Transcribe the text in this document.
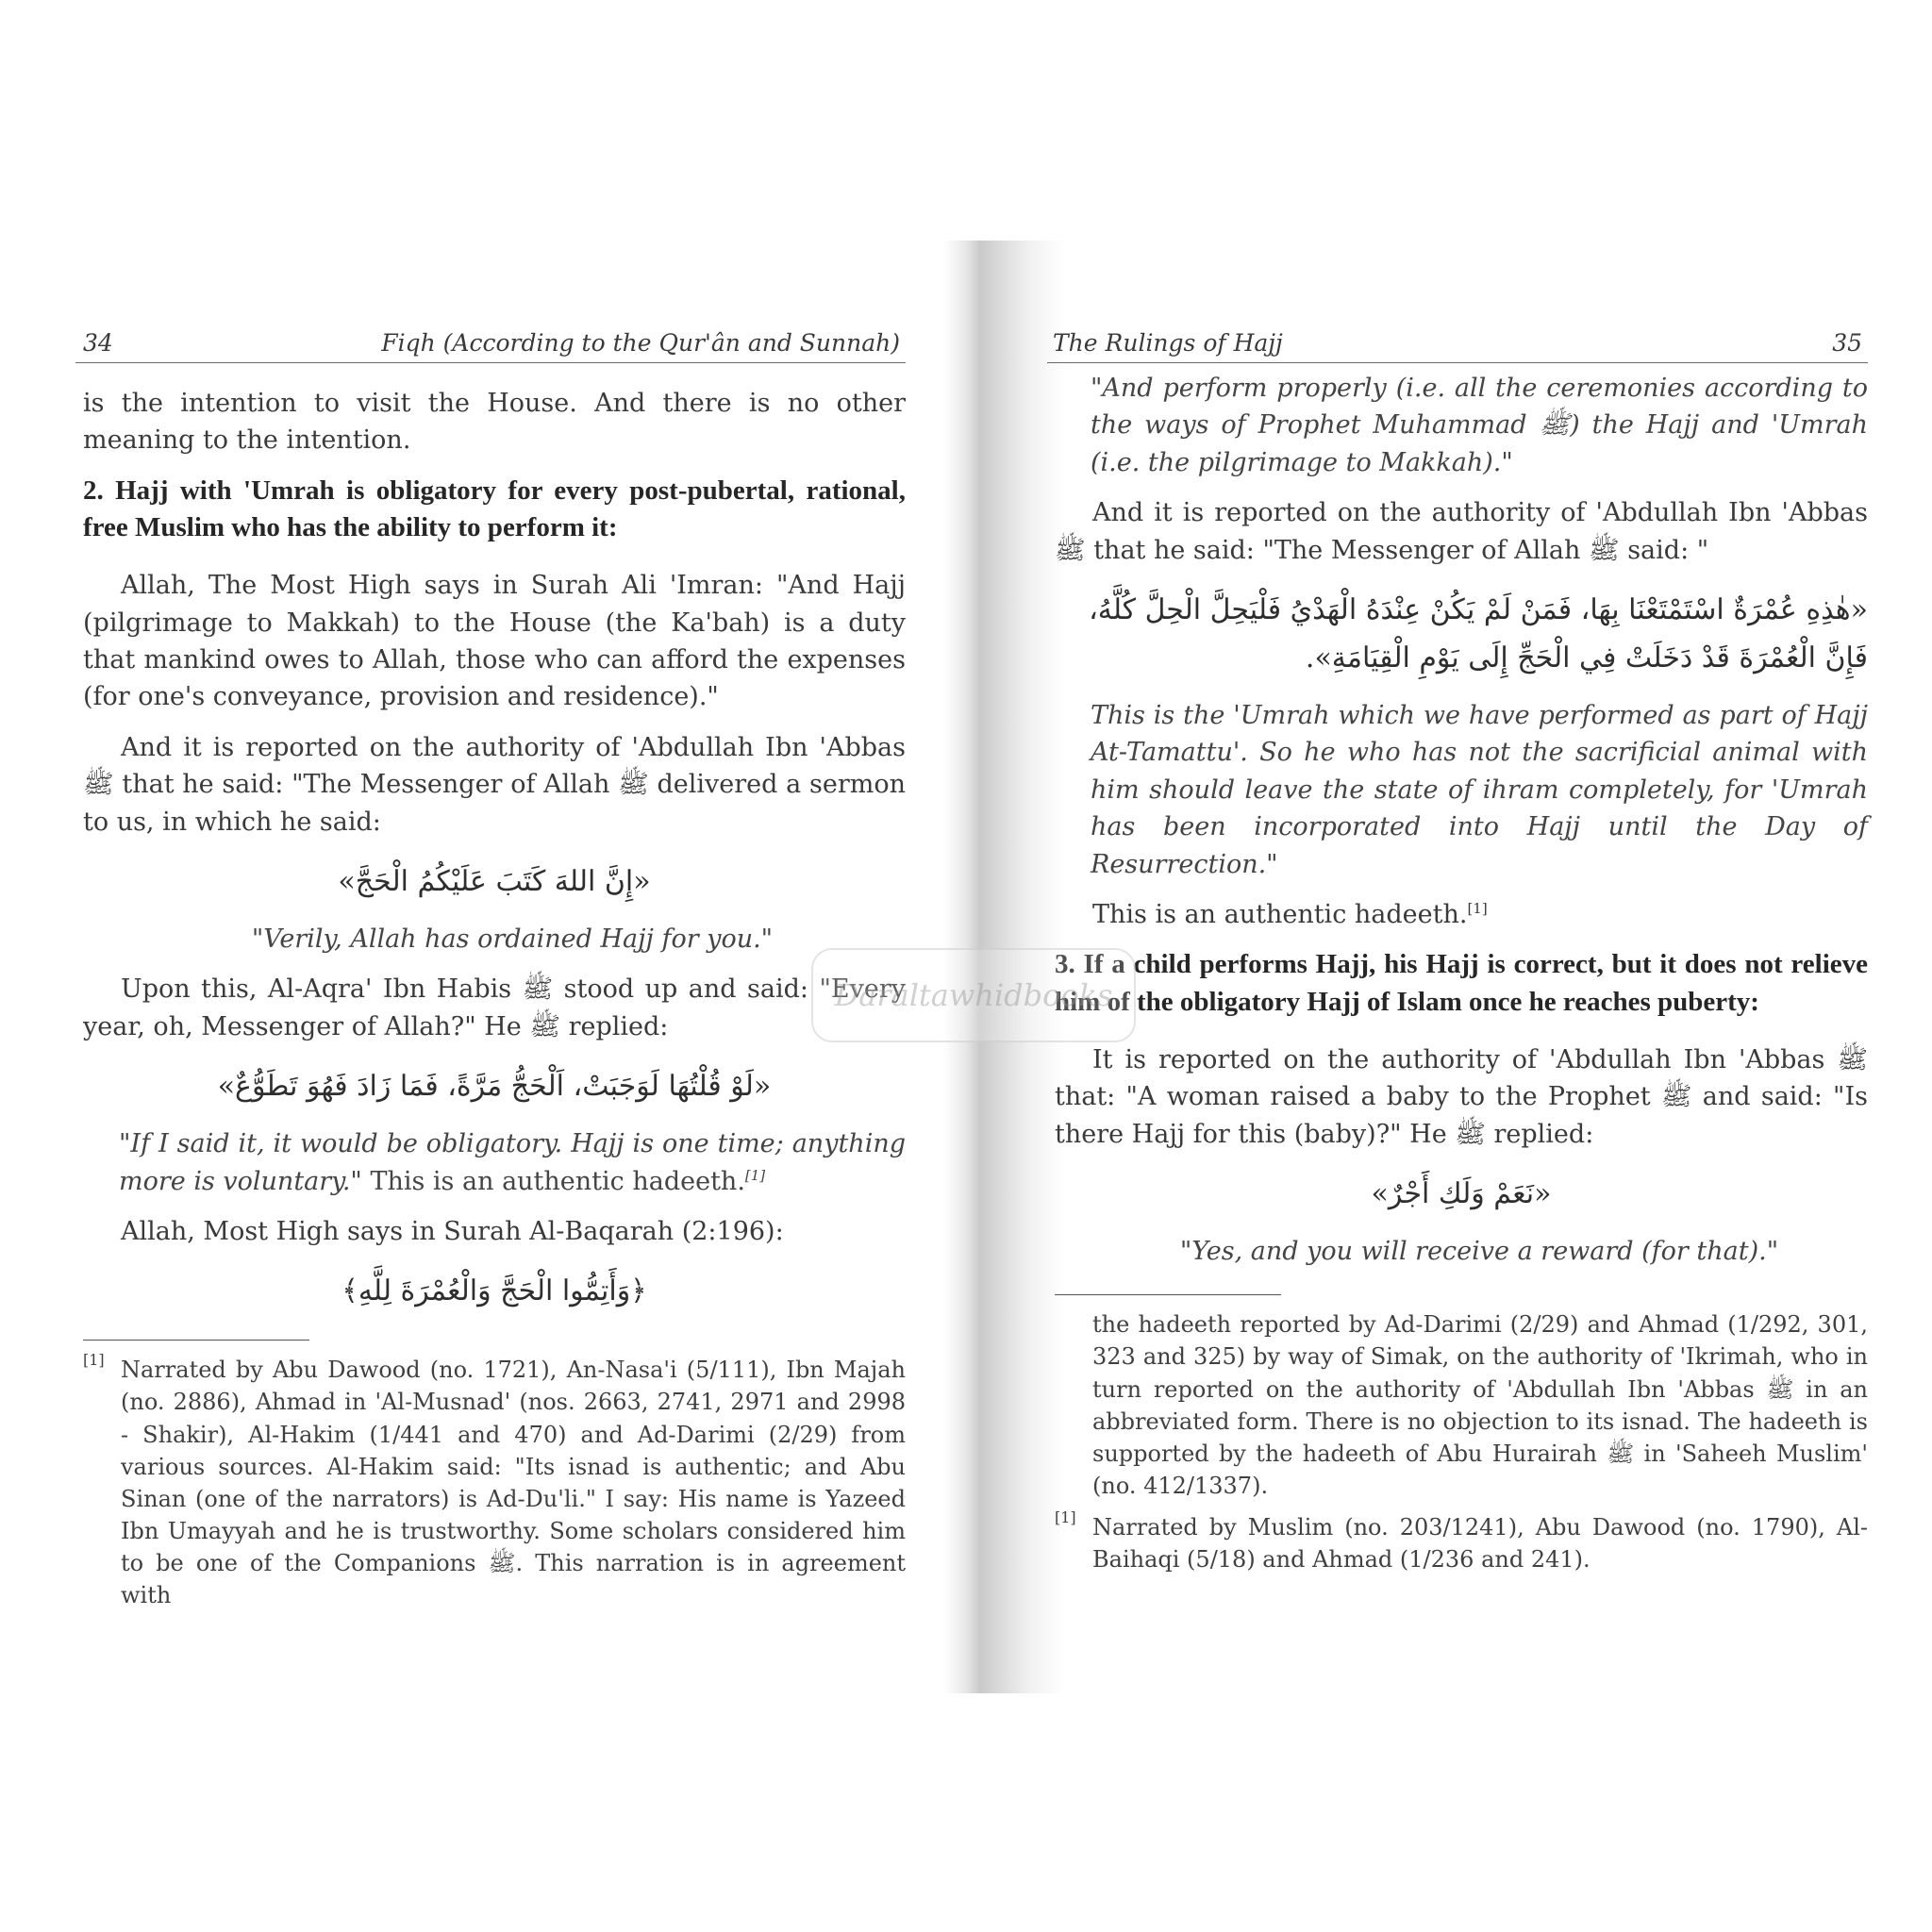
34	Fiqh (According to the Qur'ân and Sunnah)

is the intention to visit the House. And there is no other meaning to the intention.

2. Hajj with 'Umrah is obligatory for every post-pubertal, rational, free Muslim who has the ability to perform it:

Allah, The Most High says in Surah Ali 'Imran: "And Hajj (pilgrimage to Makkah) to the House (the Ka'bah) is a duty that mankind owes to Allah, those who can afford the expenses (for one's conveyance, provision and residence)."

And it is reported on the authority of 'Abdullah Ibn 'Abbas ﷺ that he said: "The Messenger of Allah ﷺ delivered a sermon to us, in which he said:

«إِنَّ اللهَ كَتَبَ عَلَيْكُمُ الْحَجَّ»

"Verily, Allah has ordained Hajj for you."

Upon this, Al-Aqra' Ibn Habis ﷺ stood up and said: "Every year, oh, Messenger of Allah?" He ﷺ replied:

«لَوْ قُلْتُهَا لَوَجَبَتْ، اَلْحَجُّ مَرَّةً، فَمَا زَادَ فَهُوَ تَطَوُّعٌ»

"If I said it, it would be obligatory. Hajj is one time; anything more is voluntary." This is an authentic hadeeth.[1]

Allah, Most High says in Surah Al-Baqarah (2:196):

﴿وَأَتِمُّوا الْحَجَّ وَالْعُمْرَةَ لِلَّهِ﴾
[1] Narrated by Abu Dawood (no. 1721), An-Nasa'i (5/111), Ibn Majah (no. 2886), Ahmad in 'Al-Musnad' (nos. 2663, 2741, 2971 and 2998 - Shakir), Al-Hakim (1/441 and 470) and Ad-Darimi (2/29) from various sources. Al-Hakim said: "Its isnad is authentic; and Abu Sinan (one of the narrators) is Ad-Du'li." I say: His name is Yazeed Ibn Umayyah and he is trustworthy. Some scholars considered him to be one of the Companions ﷺ. This narration is in agreement with
The Rulings of Hajj	35

"And perform properly (i.e. all the ceremonies according to the ways of Prophet Muhammad ﷺ) the Hajj and 'Umrah (i.e. the pilgrimage to Makkah)."

And it is reported on the authority of 'Abdullah Ibn 'Abbas ﷺ that he said: "The Messenger of Allah ﷺ said: "

«هٰذِهِ عُمْرَةٌ اسْتَمْتَعْنَا بِهَا، فَمَنْ لَمْ يَكُنْ عِنْدَهُ الْهَدْيُ فَلْيَحِلَّ الْحِلَّ كُلَّهُ، فَإِنَّ الْعُمْرَةَ قَدْ دَخَلَتْ فِي الْحَجِّ إِلَى يَوْمِ الْقِيَامَةِ».

This is the 'Umrah which we have performed as part of Hajj At-Tamattu'. So he who has not the sacrificial animal with him should leave the state of ihram completely, for 'Umrah has been incorporated into Hajj until the Day of Resurrection."

This is an authentic hadeeth.[1]

3. If a child performs Hajj, his Hajj is correct, but it does not relieve him of the obligatory Hajj of Islam once he reaches puberty:

It is reported on the authority of 'Abdullah Ibn 'Abbas ﷺ that: "A woman raised a baby to the Prophet ﷺ and said: "Is there Hajj for this (baby)?" He ﷺ replied:

«نَعَمْ وَلَكِ أَجْرٌ»

"Yes, and you will receive a reward (for that)."

the hadeeth reported by Ad-Darimi (2/29) and Ahmad (1/292, 301, 323 and 325) by way of Simak, on the authority of 'Ikrimah, who in turn reported on the authority of 'Abdullah Ibn 'Abbas ﷺ in an abbreviated form. There is no objection to its isnad. The hadeeth is supported by the hadeeth of Abu Hurairah ﷺ in 'Saheeh Muslim' (no. 412/1337).
[1] Narrated by Muslim (no. 203/1241), Abu Dawood (no. 1790), Al-Baihaqi (5/18) and Ahmad (1/236 and 241).
Daraltawhidbooks
